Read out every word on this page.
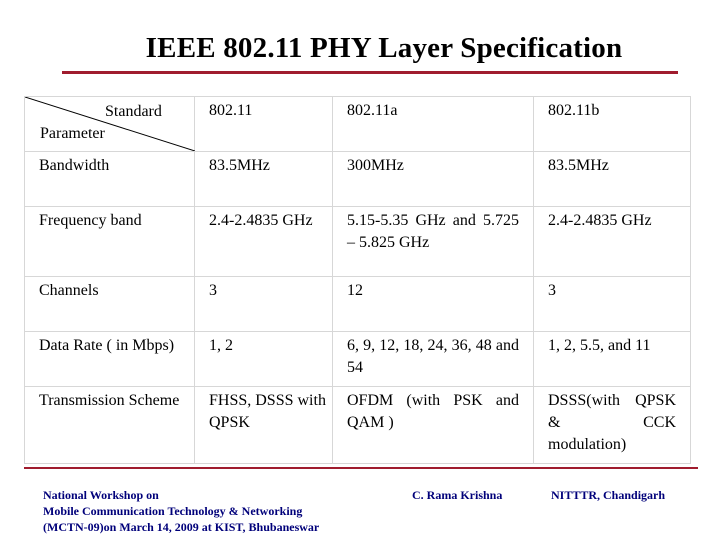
IEEE 802.11 PHY Layer Specification
Standard
Parameter	802.11	802.11a	802.11b
Bandwidth	83.5MHz	300MHz	83.5MHz
Frequency band	2.4-2.4835 GHz	5.15-5.35 GHz and 5.725 – 5.825 GHz	2.4-2.4835 GHz
Channels	3	12	3
Data Rate ( in Mbps)	1, 2	6, 9, 12, 18, 24, 36, 48 and 54	1, 2, 5.5, and 11
Transmission Scheme	FHSS, DSSS with QPSK	OFDM (with PSK and QAM )	DSSS(with QPSK & CCK modulation)
National Workshop on
Mobile Communication Technology & Networking
(MCTN-09)on March 14, 2009 at KIST, Bhubaneswar
C. Rama Krishna	NITTTR, Chandigarh
